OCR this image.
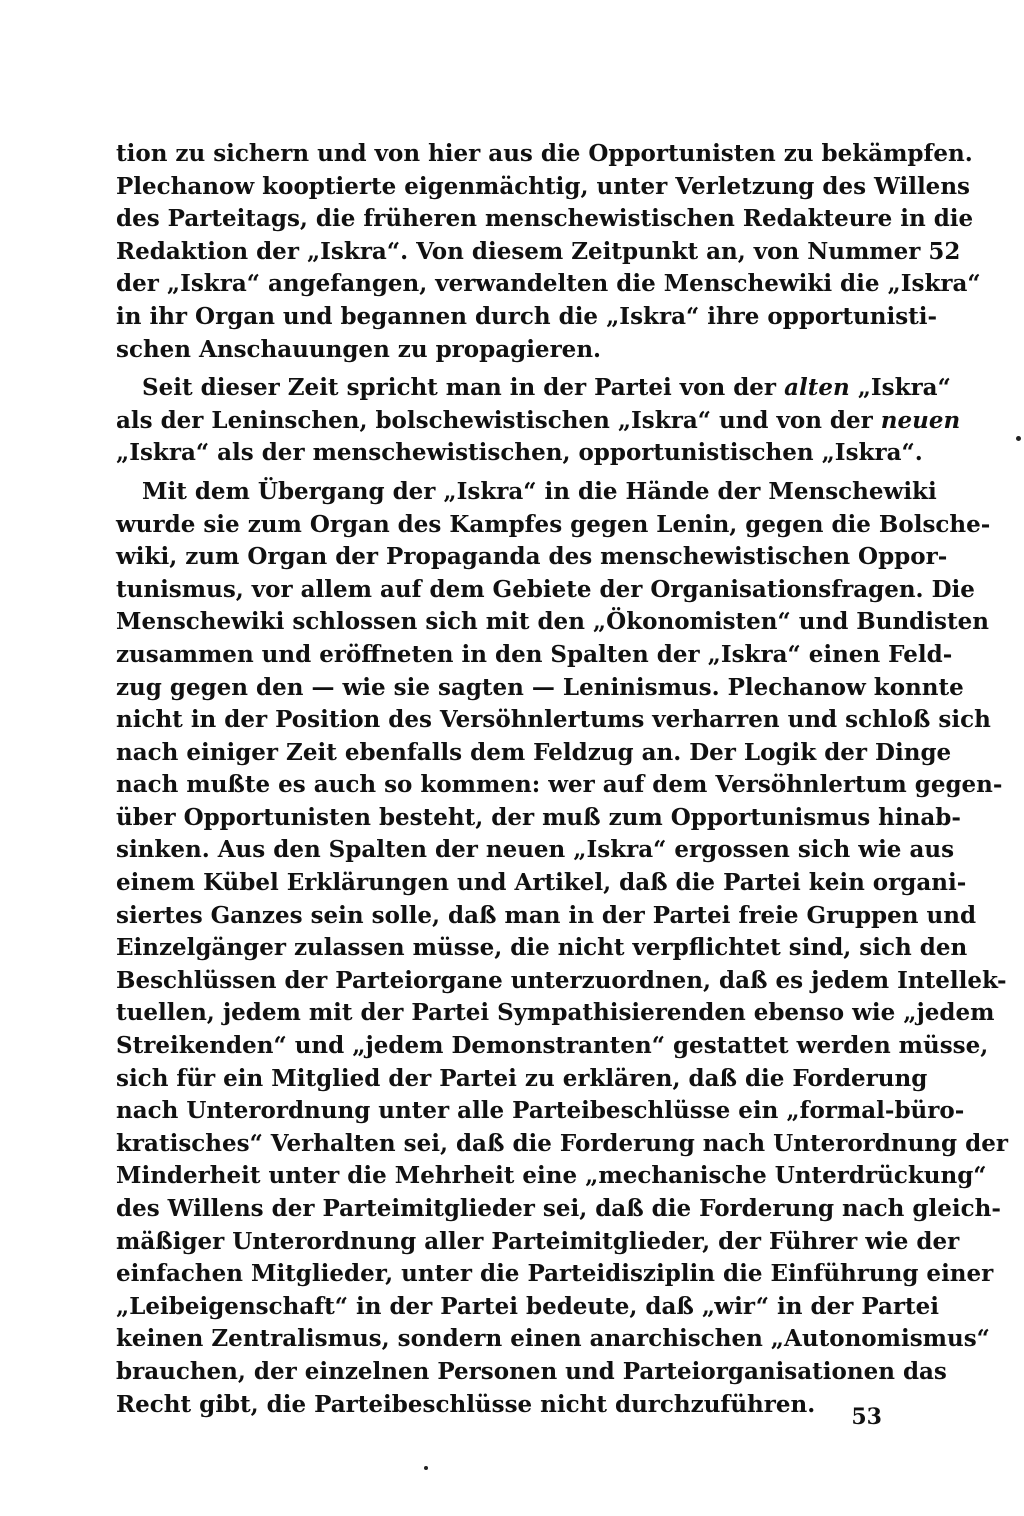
tion zu sichern und von hier aus die Opportunisten zu bekämpfen.
Plechanow kooptierte eigenmächtig, unter Verletzung des Willens
des Parteitags, die früheren menschewistischen Redakteure in die
Redaktion der „Iskra“. Von diesem Zeitpunkt an, von Nummer 52
der „Iskra“ angefangen, verwandelten die Menschewiki die „Iskra“
in ihr Organ und begannen durch die „Iskra“ ihre opportunisti-
schen Anschauungen zu propagieren.
Seit dieser Zeit spricht man in der Partei von der alten „Iskra“
als der Leninschen, bolschewistischen „Iskra“ und von der neuen
„Iskra“ als der menschewistischen, opportunistischen „Iskra“.
Mit dem Übergang der „Iskra“ in die Hände der Menschewiki
wurde sie zum Organ des Kampfes gegen Lenin, gegen die Bolsche-
wiki, zum Organ der Propaganda des menschewistischen Oppor-
tunismus, vor allem auf dem Gebiete der Organisationsfragen. Die
Menschewiki schlossen sich mit den „Ökonomisten“ und Bundisten
zusammen und eröffneten in den Spalten der „Iskra“ einen Feld-
zug gegen den — wie sie sagten — Leninismus. Plechanow konnte
nicht in der Position des Versöhnlertums verharren und schloß sich
nach einiger Zeit ebenfalls dem Feldzug an. Der Logik der Dinge
nach mußte es auch so kommen: wer auf dem Versöhnlertum gegen-
über Opportunisten besteht, der muß zum Opportunismus hinab-
sinken. Aus den Spalten der neuen „Iskra“ ergossen sich wie aus
einem Kübel Erklärungen und Artikel, daß die Partei kein organi-
siertes Ganzes sein solle, daß man in der Partei freie Gruppen und
Einzelgänger zulassen müsse, die nicht verpflichtet sind, sich den
Beschlüssen der Parteiorgane unterzuordnen, daß es jedem Intellek-
tuellen, jedem mit der Partei Sympathisierenden ebenso wie „jedem
Streikenden“ und „jedem Demonstranten“ gestattet werden müsse,
sich für ein Mitglied der Partei zu erklären, daß die Forderung
nach Unterordnung unter alle Parteibeschlüsse ein „formal-büro-
kratisches“ Verhalten sei, daß die Forderung nach Unterordnung der
Minderheit unter die Mehrheit eine „mechanische Unterdrückung“
des Willens der Parteimitglieder sei, daß die Forderung nach gleich-
mäßiger Unterordnung aller Parteimitglieder, der Führer wie der
einfachen Mitglieder, unter die Parteidisziplin die Einführung einer
„Leibeigenschaft“ in der Partei bedeute, daß „wir“ in der Partei
keinen Zentralismus, sondern einen anarchischen „Autonomismus“
brauchen, der einzelnen Personen und Parteiorganisationen das
Recht gibt, die Parteibeschlüsse nicht durchzuführen.	53
